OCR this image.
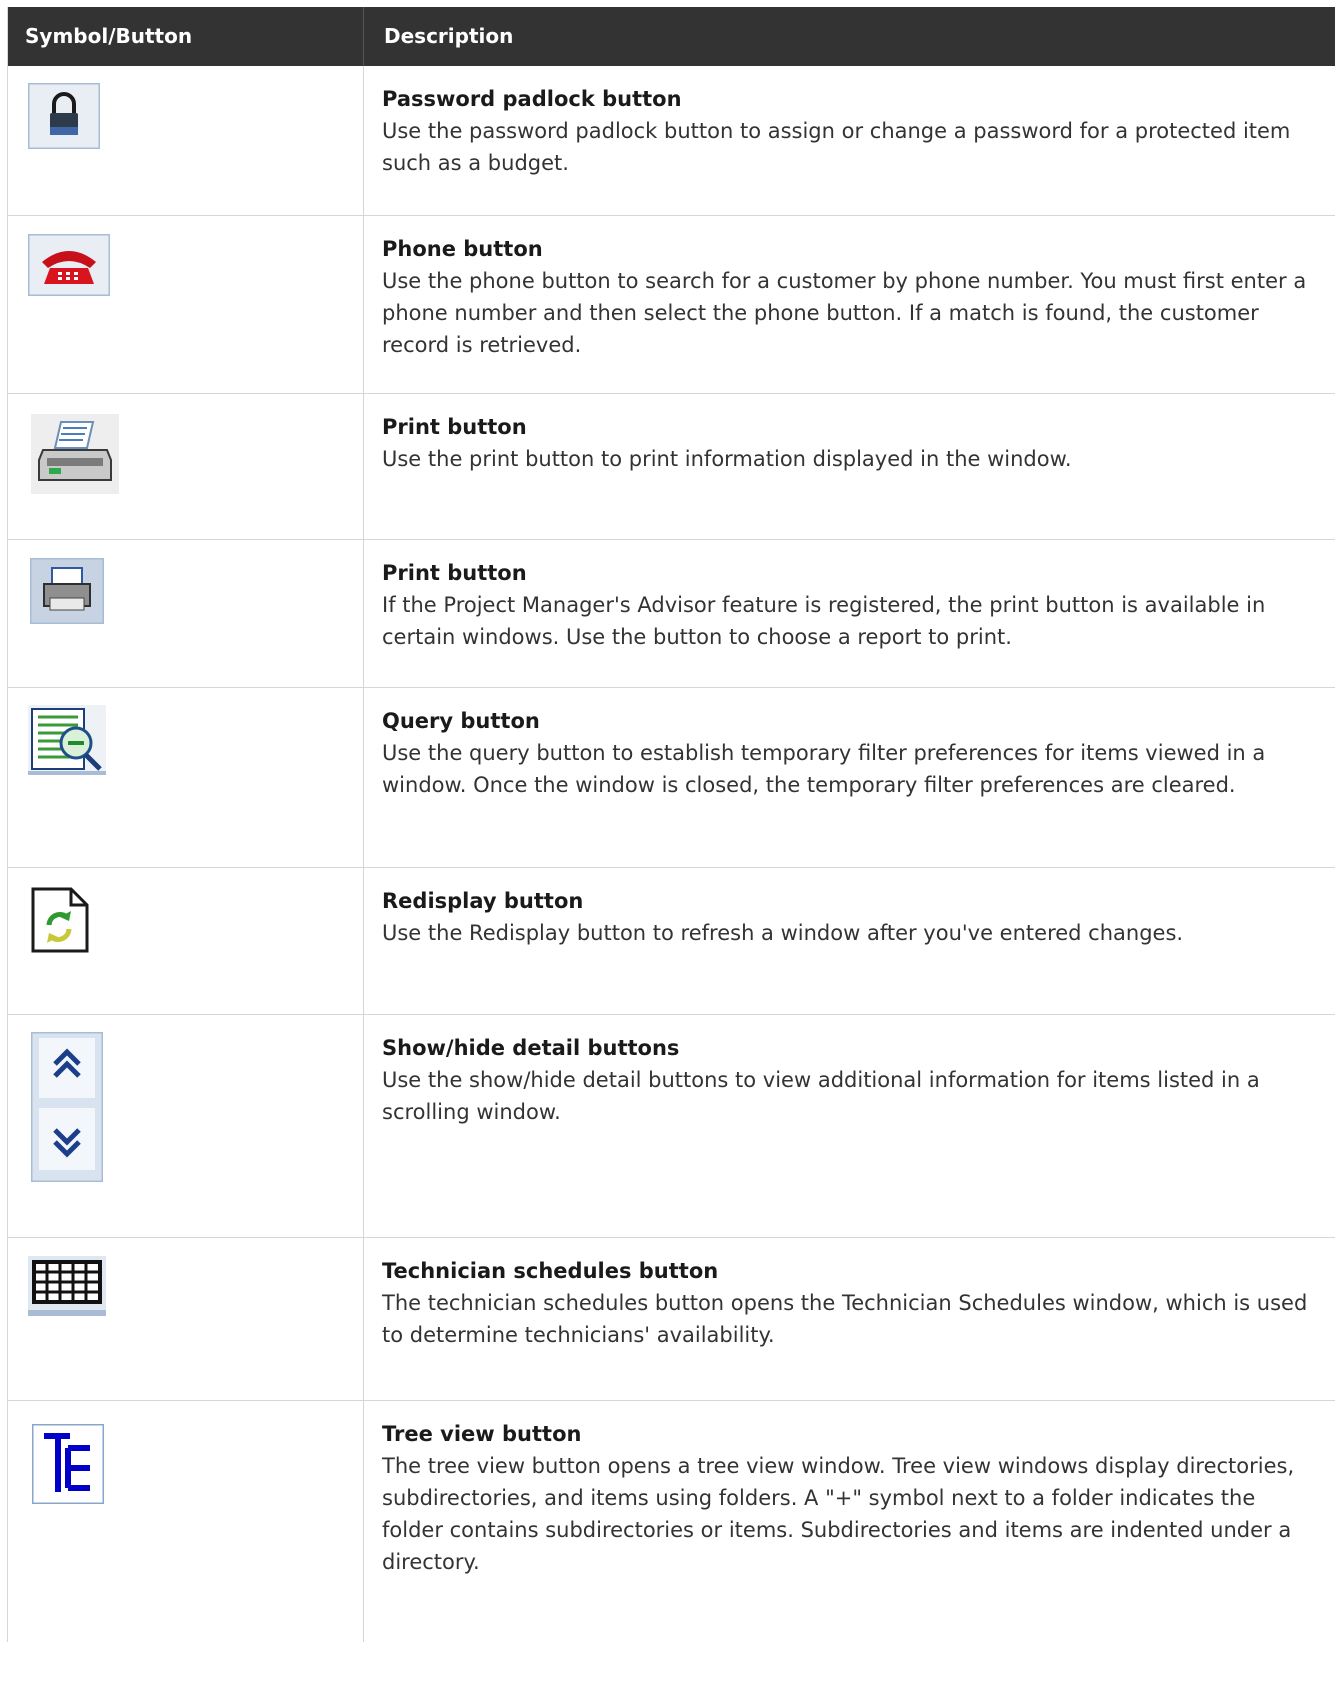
Symbol/Button	Description
Password padlock button
Use the password padlock button to assign or change a password for a protected item such as a budget.
Phone button
Use the phone button to search for a customer by phone number. You must first enter a phone number and then select the phone button. If a match is found, the customer record is retrieved.
Print button
Use the print button to print information displayed in the window.
Print button
If the Project Manager's Advisor feature is registered, the print button is available in certain windows. Use the button to choose a report to print.
Query button
Use the query button to establish temporary filter preferences for items viewed in a window. Once the window is closed, the temporary filter preferences are cleared.
Redisplay button
Use the Redisplay button to refresh a window after you've entered changes.
Show/hide detail buttons
Use the show/hide detail buttons to view additional information for items listed in a scrolling window.
Technician schedules button
The technician schedules button opens the Technician Schedules window, which is used to determine technicians' availability.
Tree view button
The tree view button opens a tree view window. Tree view windows display directories, subdirectories, and items using folders. A "+" symbol next to a folder indicates the folder contains subdirectories or items. Subdirectories and items are indented under a directory.
